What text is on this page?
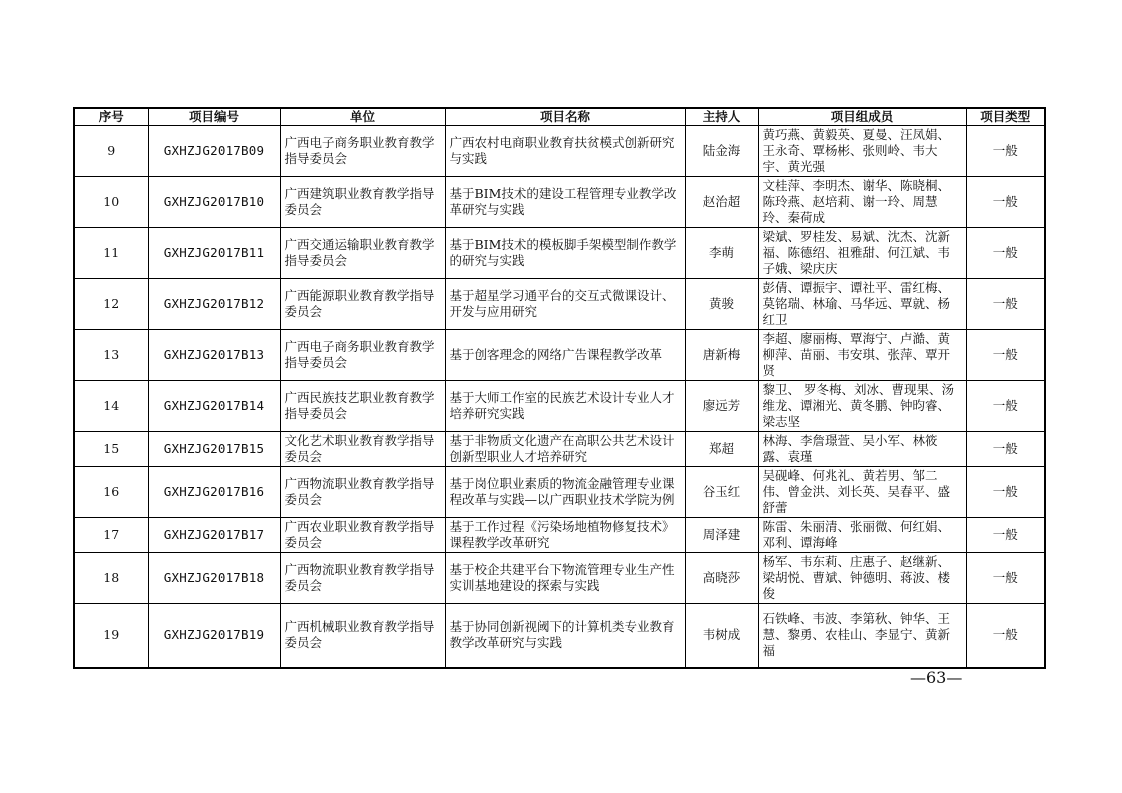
序号	项目编号	单位	项目名称	主持人	项目组成员	项目类型
9	GXHZJG2017B09	广西电子商务职业教育教学指导委员会	广西农村电商职业教育扶贫模式创新研究与实践	陆金海	黄巧燕、黄毅英、夏曼、汪凤娟、王永奇、覃杨彬、张则岭、韦大宇、黄光强	一般
10	GXHZJG2017B10	广西建筑职业教育教学指导委员会	基于BIM技术的建设工程管理专业教学改革研究与实践	赵治超	文桂萍、李明杰、谢华、陈晓桐、陈玲燕、赵培莉、谢一玲、周慧玲、秦荷成	一般
11	GXHZJG2017B11	广西交通运输职业教育教学指导委员会	基于BIM技术的模板脚手架模型制作教学的研究与实践	李萌	梁斌、罗桂发、易斌、沈杰、沈新福、陈德绍、祖雅甜、何江斌、韦子娥、梁庆庆	一般
12	GXHZJG2017B12	广西能源职业教育教学指导委员会	基于超星学习通平台的交互式微课设计、开发与应用研究	黄骏	彭倩、谭振宇、谭社平、雷红梅、莫铭瑞、林瑜、马华远、覃就、杨红卫	一般
13	GXHZJG2017B13	广西电子商务职业教育教学指导委员会	基于创客理念的网络广告课程教学改革	唐新梅	李超、廖丽梅、覃海宁、卢澔、黄柳萍、苗丽、韦安琪、张萍、覃开贤	一般
14	GXHZJG2017B14	广西民族技艺职业教育教学指导委员会	基于大师工作室的民族艺术设计专业人才培养研究实践	廖远芳	黎卫、 罗冬梅、刘冰、曹现果、汤维龙、谭湘光、黄冬鹏、钟昀睿、梁志坚	一般
15	GXHZJG2017B15	文化艺术职业教育教学指导委员会	基于非物质文化遗产在高职公共艺术设计创新型职业人才培养研究	郑超	林海、李詹璟萱、吴小军、林筱露、袁瑾	一般
16	GXHZJG2017B16	广西物流职业教育教学指导委员会	基于岗位职业素质的物流金融管理专业课程改革与实践—以广西职业技术学院为例	谷玉红	吴砚峰、何兆礼、黄若男、邹二伟、曾金洪、刘长英、吴春平、盛舒蕾	一般
17	GXHZJG2017B17	广西农业职业教育教学指导委员会	基于工作过程《污染场地植物修复技术》课程教学改革研究	周泽建	陈雷、朱丽清、张丽微、何红娟、邓利、谭海峰	一般
18	GXHZJG2017B18	广西物流职业教育教学指导委员会	基于校企共建平台下物流管理专业生产性实训基地建设的探索与实践	高晓莎	杨军、韦东莉、庄惠子、赵继新、梁胡悦、曹斌、钟德明、蒋波、楼俊	一般
19	GXHZJG2017B19	广西机械职业教育教学指导委员会	基于协同创新视阈下的计算机类专业教育教学改革研究与实践	韦树成	石铁峰、韦波、李第秋、钟华、王慧、黎勇、农桂山、李显宁、黄新福	一般
—63—
